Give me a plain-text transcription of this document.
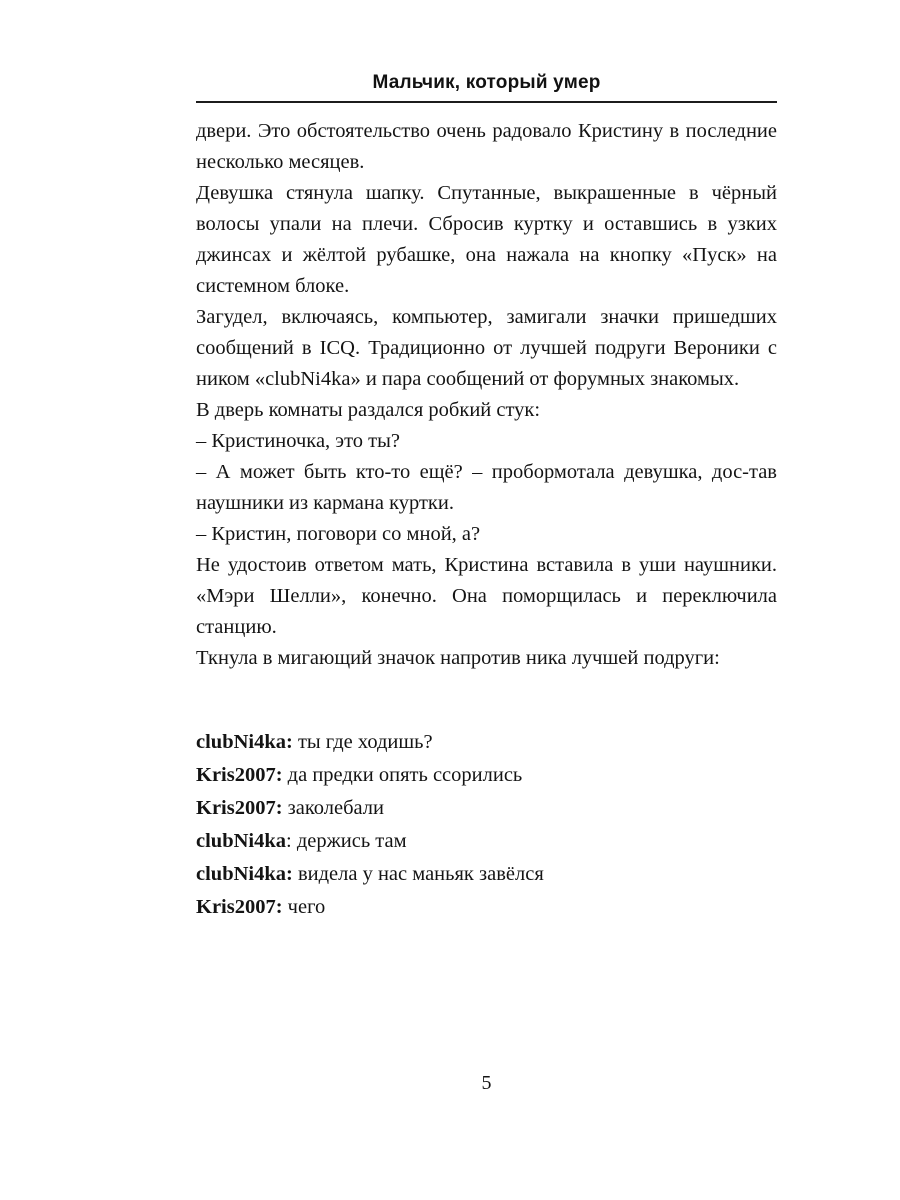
Мальчик, который умер
двери. Это обстоятельство очень радовало Кристину в последние несколько месяцев.
Девушка стянула шапку. Спутанные, выкрашенные в чёрный волосы упали на плечи. Сбросив куртку и оставшись в узких джинсах и жёлтой рубашке, она нажала на кнопку «Пуск» на системном блоке.
Загудел, включаясь, компьютер, замигали значки пришедших сообщений в ICQ. Традиционно от лучшей подруги Вероники с ником «clubNi4ka» и пара сообщений от форумных знакомых.
В дверь комнаты раздался робкий стук:
– Кристиночка, это ты?
– А может быть кто-то ещё? – пробормотала девушка, дос-тав наушники из кармана куртки.
– Кристин, поговори со мной, а?
Не удостоив ответом мать, Кристина вставила в уши наушники. «Мэри Шелли», конечно. Она поморщилась и переключила станцию.
Ткнула в мигающий значок напротив ника лучшей подруги:
clubNi4ka: ты где ходишь?
Kris2007: да предки опять ссорились
Kris2007: заколебали
clubNi4ka: держись там
clubNi4ka: видела у нас маньяк завёлся
Kris2007: чего
5
